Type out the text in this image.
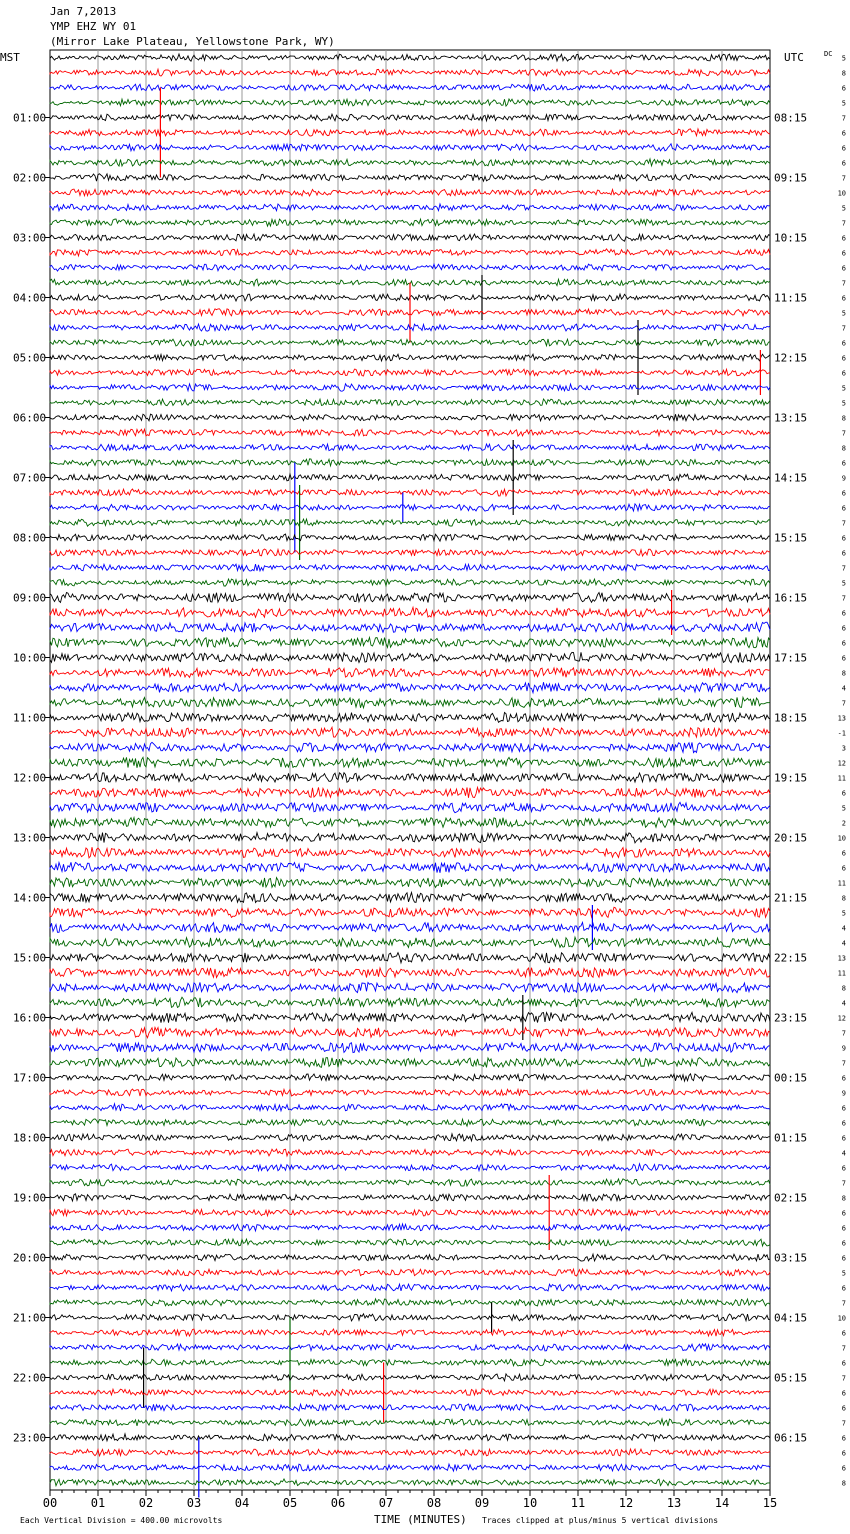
Jan 7,2013
YMP EHZ WY 01
(Mirror Lake Plateau, Yellowstone Park, WY)
MST	UTC	DC
01:00
02:00
03:00
04:00
05:00
06:00
07:00
08:00
09:00
10:00
11:00
12:00
13:00
14:00
15:00
16:00
17:00
18:00
19:00
20:00
21:00
22:00
23:00
08:15
09:15
10:15
11:15
12:15
13:15
14:15
15:15
16:15
17:15
18:15
19:15
20:15
21:15
22:15
23:15
00:15
01:15
02:15
03:15
04:15
05:15
06:15
5
8
6
5
7
6
6
6
7
10
5
7
6
6
6
7
6
5
7
6
6
6
5
5
8
7
8
6
9
6
6
7
6
6
7
5
7
6
6
6
6
8
4
7
13
-1
3
12
11
6
5
2
10
6
6
11
8
5
4
4
13
11
8
4
12
7
9
7
6
9
6
6
6
4
6
7
8
6
6
6
6
5
6
7
10
6
7
6
7
6
6
7
6
6
6
8
00	01	02	03	04	05	06	07	08	09	10	11	12	13	14	15
TIME (MINUTES)
Each Vertical Division = 400.00 microvolts	Traces clipped at plus/minus 5 vertical divisions
